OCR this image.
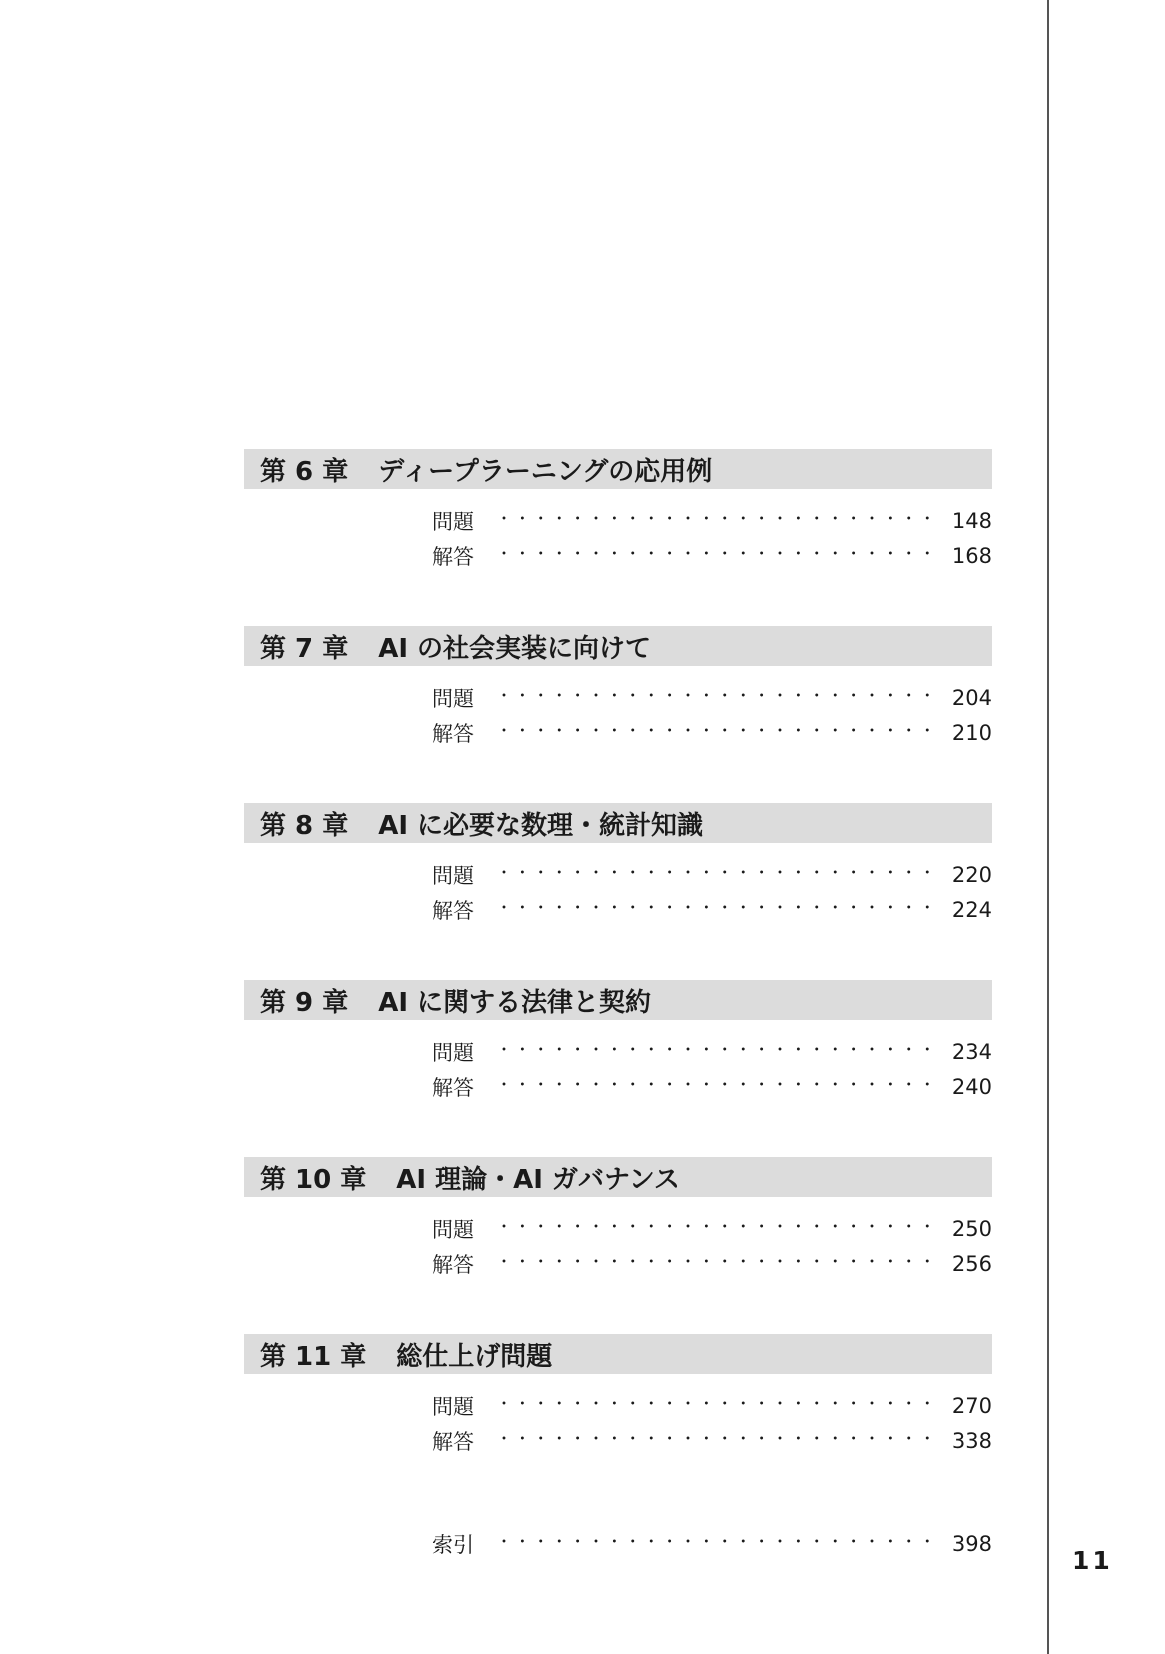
第 6 章 ディープラーニングの応用例
問題 ・・・・・・・・・・・・・・・・・・・・・・・・・・・・・・・・・・・・・・・・・・・・・・・・・・・・・・・・・・・・・・・	148
解答 ・・・・・・・・・・・・・・・・・・・・・・・・・・・・・・・・・・・・・・・・・・・・・・・・・・・・・・・・・・・・・・・	168
第 7 章 AI の社会実装に向けて
問題 ・・・・・・・・・・・・・・・・・・・・・・・・・・・・・・・・・・・・・・・・・・・・・・・・・・・・・・・・・・・・・・・	204
解答 ・・・・・・・・・・・・・・・・・・・・・・・・・・・・・・・・・・・・・・・・・・・・・・・・・・・・・・・・・・・・・・・	210
第 8 章 AI に必要な数理・統計知識
問題 ・・・・・・・・・・・・・・・・・・・・・・・・・・・・・・・・・・・・・・・・・・・・・・・・・・・・・・・・・・・・・・・	220
解答 ・・・・・・・・・・・・・・・・・・・・・・・・・・・・・・・・・・・・・・・・・・・・・・・・・・・・・・・・・・・・・・・	224
第 9 章 AI に関する法律と契約
問題 ・・・・・・・・・・・・・・・・・・・・・・・・・・・・・・・・・・・・・・・・・・・・・・・・・・・・・・・・・・・・・・・	234
解答 ・・・・・・・・・・・・・・・・・・・・・・・・・・・・・・・・・・・・・・・・・・・・・・・・・・・・・・・・・・・・・・・	240
第 10 章 AI 理論・AI ガバナンス
問題 ・・・・・・・・・・・・・・・・・・・・・・・・・・・・・・・・・・・・・・・・・・・・・・・・・・・・・・・・・・・・・・・	250
解答 ・・・・・・・・・・・・・・・・・・・・・・・・・・・・・・・・・・・・・・・・・・・・・・・・・・・・・・・・・・・・・・・	256
第 11 章 総仕上げ問題
問題 ・・・・・・・・・・・・・・・・・・・・・・・・・・・・・・・・・・・・・・・・・・・・・・・・・・・・・・・・・・・・・・・	270
解答 ・・・・・・・・・・・・・・・・・・・・・・・・・・・・・・・・・・・・・・・・・・・・・・・・・・・・・・・・・・・・・・・	338
索引 ・・・・・・・・・・・・・・・・・・・・・・・・・・・・・・・・・・・・・・・・・・・・・・・・・・・・・・・・・・・・・・・	398
11
